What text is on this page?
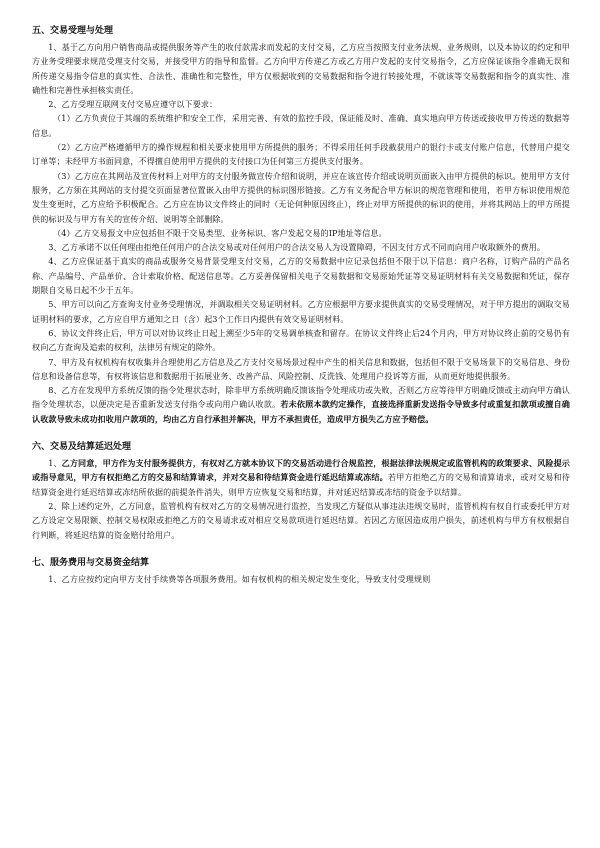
五、交易受理与处理

1、基于乙方向用户销售商品或提供服务等产生的收付款需求而发起的支付交易，乙方应当按照支付业务法规、业务规则，以及本协议的约定和甲方业务受理要求规范受理支付交易，并接受甲方的指导和监督。乙方向甲方传递乙方或乙方用户发起的支付交易指令，乙方应保证该指令准确无误和所传递交易指令信息的真实性、合法性、准确性和完整性，甲方仅根据收到的交易数据和指令进行转接处理，不就该等交易数据和指令的真实性、准确性和完善性承担核实责任。

2、乙方受理互联网支付交易应遵守以下要求：

（1）乙方负责位于其端的系统维护和安全工作，采用完善、有效的监控手段，保证能及时、准确、真实地向甲方传送或接收甲方传送的数据等信息。

（2）乙方应严格遵循甲方的操作规程和相关要求使用甲方所提供的服务；不得采用任何手段截获用户的银行卡或支付账户信息，代替用户提交订单等；未经甲方书面同意，不得擅自使用甲方提供的支付接口为任何第三方提供支付服务。

（3）乙方应在其网站及宣传材料上对甲方的支付服务做宣传介绍和说明，并应在该宣传介绍或说明页面嵌入由甲方提供的标识。使用甲方支付服务，乙方须在其网站的支付提交页面显著位置嵌入由甲方提供的标识图形链接。乙方有义务配合甲方标识的规范管理和使用，若甲方标识使用规范发生变更时，乙方应给予积极配合。乙方应在协议文件终止的同时（无论何种原因终止），终止对甲方所提供的标识的使用，并将其网站上的甲方所提供的标识及与甲方有关的宣传介绍、说明等全部删除。

（4）乙方交易报文中应包括但不限于交易类型、业务标识、客户发起交易的IP地址等信息。

3、乙方承诺不以任何理由拒绝任何用户的合法交易或对任何用户的合法交易人为设置障碍，不因支付方式不同而向用户收取额外的费用。

4、乙方应保证基于真实的商品或服务交易背景受理支付交易，乙方的交易数据中应记录包括但不限于以下信息：商户名称，订购产品的产品名称、产品编号、产品单价、合计索取价格、配送信息等。乙方妥善保留相关电子交易数据和交易原始凭证等交易证明材料有关交易数据和凭证，保存期限自交易日起不少于五年。

5、甲方可以向乙方查询支付业务受理情况，并调取相关交易证明材料。乙方应根据甲方要求提供真实的交易受理情况，对于甲方提出的调取交易证明材料的要求，乙方应自甲方通知之日（含）起3个工作日内提供有效交易证明材料。

6、协议文件终止后，甲方可以对协议终止日起上溯至少5年的交易调单核查和留存。在协议文件终止后24个月内，甲方对协议终止前的交易仍有权向乙方查询及追索的权利，法律另有规定的除外。

7、甲方及有权机构有权收集并合理使用乙方信息及乙方支付交易场景过程中产生的相关信息和数据，包括但不限于交易场景下的交易信息、身份信息和设备信息等，有权将该信息和数据用于拓展业务、改善产品、风险控制、反洗钱、处理用户投诉等方面，从而更好地提供服务。

8、乙方在发现甲方系统反馈的指令处理状态时，除非甲方系统明确反馈该指令处理成功或失败，否则乙方应等待甲方明确反馈或主动向甲方确认指令处理状态，以便决定是否重新发送支付指令或向用户确认收款。若未依照本款约定操作，直接选择重新发送指令导致多付或重复扣款项或擅自确认收款导致未成功扣收用户款项的，均由乙方自行承担并解决，甲方不承担责任，造成甲方损失乙方应予赔偿。

六、交易及结算延迟处理

1、乙方同意，甲方作为支付服务提供方，有权对乙方就本协议下的交易活动进行合规监控，根据法律法规规定或监管机构的政策要求、风险提示或指导意见，甲方有权拒绝乙方的交易和结算请求，并对交易和待结算资金进行延迟结算或冻结。若甲方拒绝乙方的交易和清算请求，或对交易和待结算资金进行延迟结算或冻结所依据的前提条件消失，则甲方应恢复交易和结算，并对延迟结算或冻结的资金予以结算。

2、除上述约定外，乙方同意，监管机构有权对乙方的交易情况进行监控，当发现乙方疑似从事违法违规交易时，监管机构有权自行或委托甲方对乙方设定交易限额、控制交易权限或拒绝乙方的交易请求或对相应交易款项进行延迟结算。若因乙方原因造成用户损失，前述机构与甲方有权根据自行判断，将延迟结算的资金赔付给用户。

七、服务费用与交易资金结算

1、乙方应按约定向甲方支付手续费等各项服务费用。如有权机构的相关规定发生变化，导致支付受理规则
